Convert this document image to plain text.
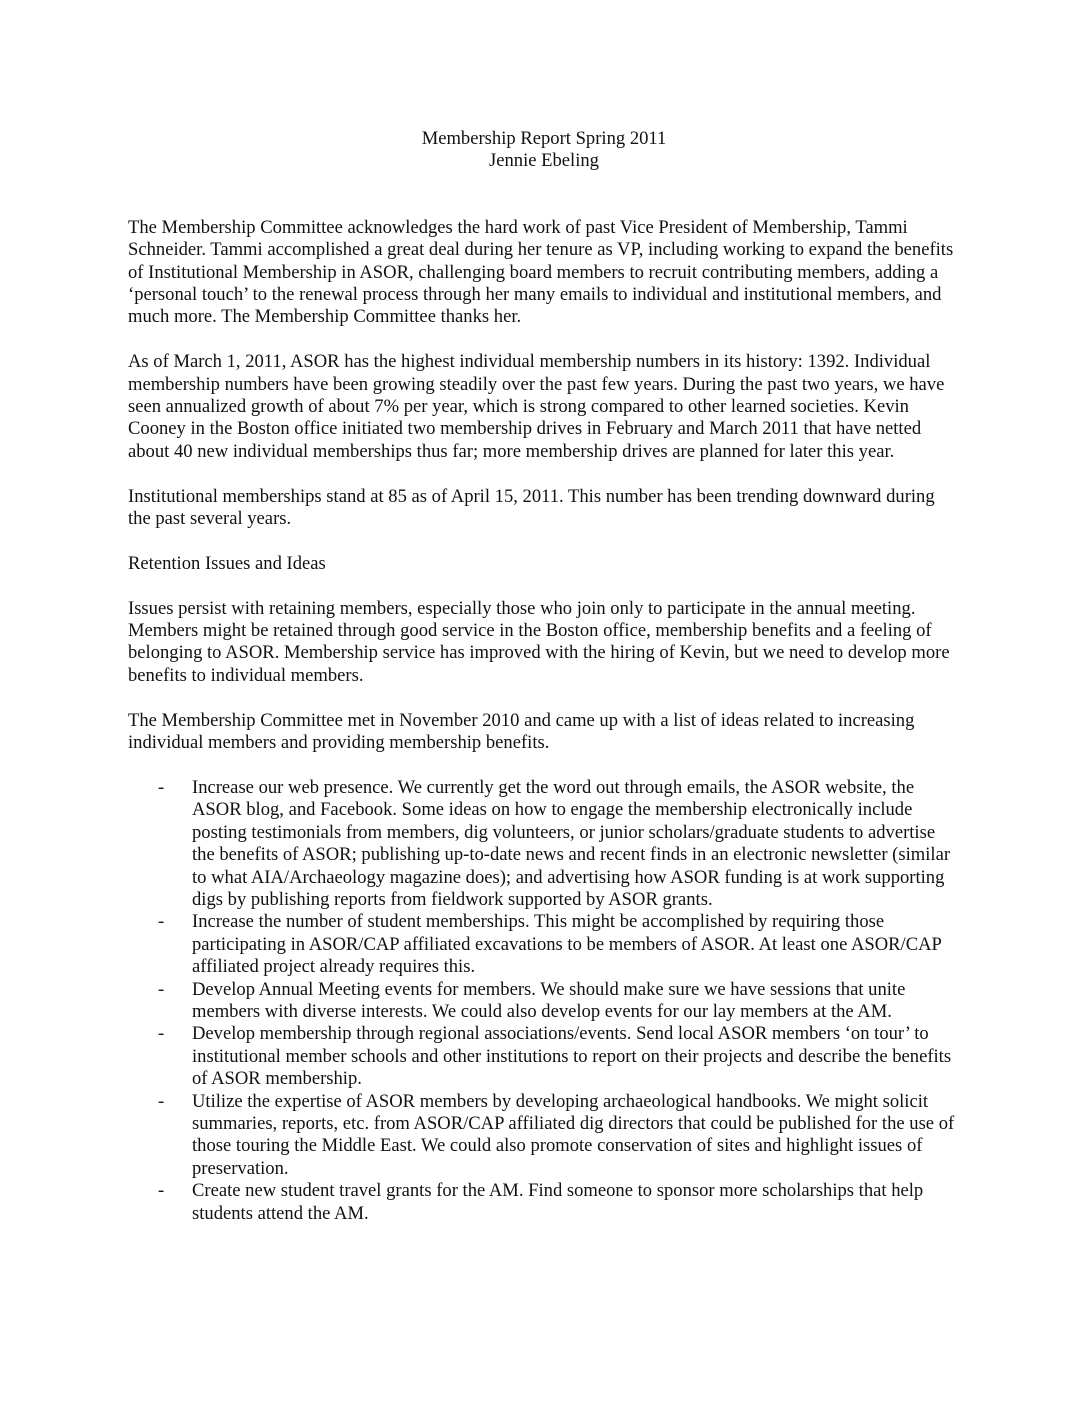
Membership Report Spring 2011
Jennie Ebeling

The Membership Committee acknowledges the hard work of past Vice President of Membership, Tammi Schneider. Tammi accomplished a great deal during her tenure as VP, including working to expand the benefits of Institutional Membership in ASOR, challenging board members to recruit contributing members, adding a ‘personal touch’ to the renewal process through her many emails to individual and institutional members, and much more. The Membership Committee thanks her.

As of March 1, 2011, ASOR has the highest individual membership numbers in its history: 1392. Individual membership numbers have been growing steadily over the past few years. During the past two years, we have seen annualized growth of about 7% per year, which is strong compared to other learned societies. Kevin Cooney in the Boston office initiated two membership drives in February and March 2011 that have netted about 40 new individual memberships thus far; more membership drives are planned for later this year.

Institutional memberships stand at 85 as of April 15, 2011. This number has been trending downward during the past several years.

Retention Issues and Ideas

Issues persist with retaining members, especially those who join only to participate in the annual meeting. Members might be retained through good service in the Boston office, membership benefits and a feeling of belonging to ASOR. Membership service has improved with the hiring of Kevin, but we need to develop more benefits to individual members.

The Membership Committee met in November 2010 and came up with a list of ideas related to increasing individual members and providing membership benefits.

- Increase our web presence. We currently get the word out through emails, the ASOR website, the ASOR blog, and Facebook. Some ideas on how to engage the membership electronically include posting testimonials from members, dig volunteers, or junior scholars/graduate students to advertise the benefits of ASOR; publishing up-to-date news and recent finds in an electronic newsletter (similar to what AIA/Archaeology magazine does); and advertising how ASOR funding is at work supporting digs by publishing reports from fieldwork supported by ASOR grants.
- Increase the number of student memberships. This might be accomplished by requiring those participating in ASOR/CAP affiliated excavations to be members of ASOR. At least one ASOR/CAP affiliated project already requires this.
- Develop Annual Meeting events for members. We should make sure we have sessions that unite members with diverse interests. We could also develop events for our lay members at the AM.
- Develop membership through regional associations/events. Send local ASOR members ‘on tour’ to institutional member schools and other institutions to report on their projects and describe the benefits of ASOR membership.
- Utilize the expertise of ASOR members by developing archaeological handbooks. We might solicit summaries, reports, etc. from ASOR/CAP affiliated dig directors that could be published for the use of those touring the Middle East. We could also promote conservation of sites and highlight issues of preservation.
- Create new student travel grants for the AM. Find someone to sponsor more scholarships that help students attend the AM.
